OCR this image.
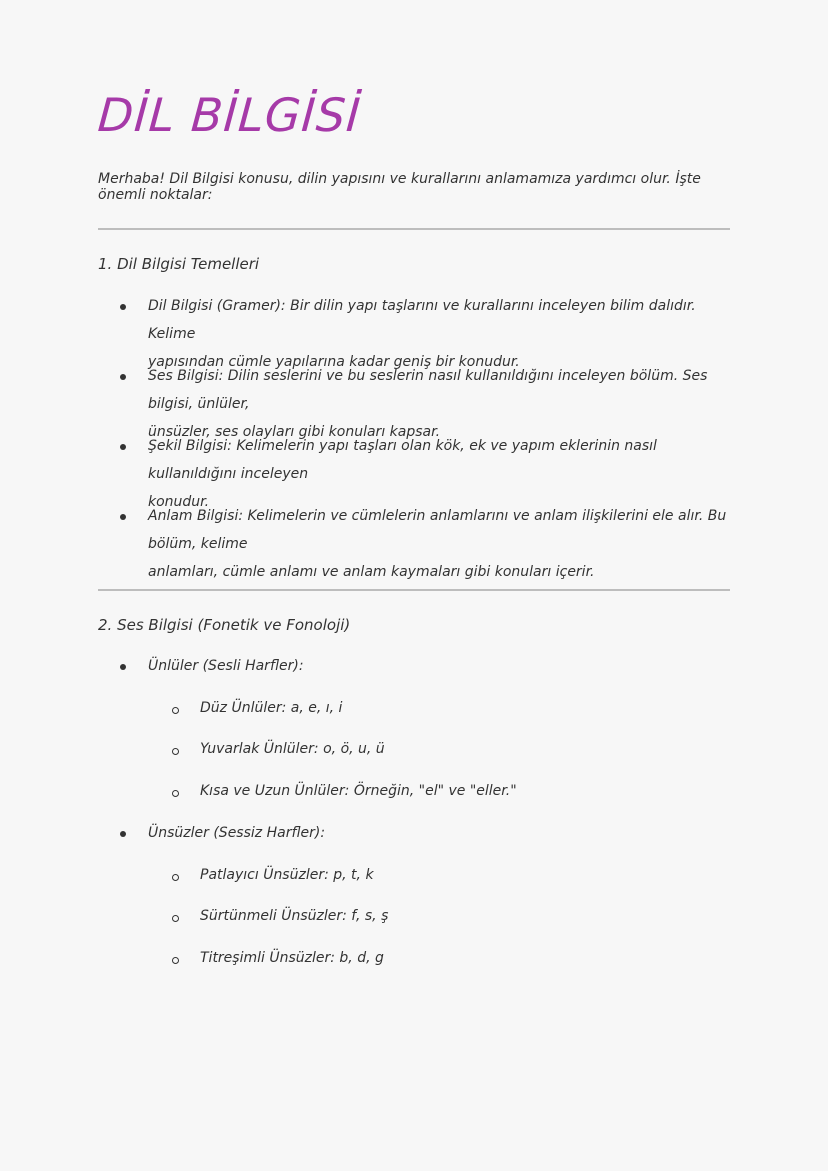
DİL BİLGİSİ
Merhaba! Dil Bilgisi konusu, dilin yapısını ve kurallarını anlamamıza yardımcı olur. İşte önemli noktalar:
1. Dil Bilgisi Temelleri
Dil Bilgisi (Gramer): Bir dilin yapı taşlarını ve kurallarını inceleyen bilim dalıdır. Kelime
yapısından cümle yapılarına kadar geniş bir konudur.
Ses Bilgisi: Dilin seslerini ve bu seslerin nasıl kullanıldığını inceleyen bölüm. Ses bilgisi, ünlüler,
ünsüzler, ses olayları gibi konuları kapsar.
Şekil Bilgisi: Kelimelerin yapı taşları olan kök, ek ve yapım eklerinin nasıl kullanıldığını inceleyen
konudur.
Anlam Bilgisi: Kelimelerin ve cümlelerin anlamlarını ve anlam ilişkilerini ele alır. Bu bölüm, kelime
anlamları, cümle anlamı ve anlam kaymaları gibi konuları içerir.
2. Ses Bilgisi (Fonetik ve Fonoloji)
Ünlüler (Sesli Harfler):
Düz Ünlüler: a, e, ı, i
Yuvarlak Ünlüler: o, ö, u, ü
Kısa ve Uzun Ünlüler: Örneğin, "el" ve "eller."
Ünsüzler (Sessiz Harfler):
Patlayıcı Ünsüzler: p, t, k
Sürtünmeli Ünsüzler: f, s, ş
Titreşimli Ünsüzler: b, d, g
